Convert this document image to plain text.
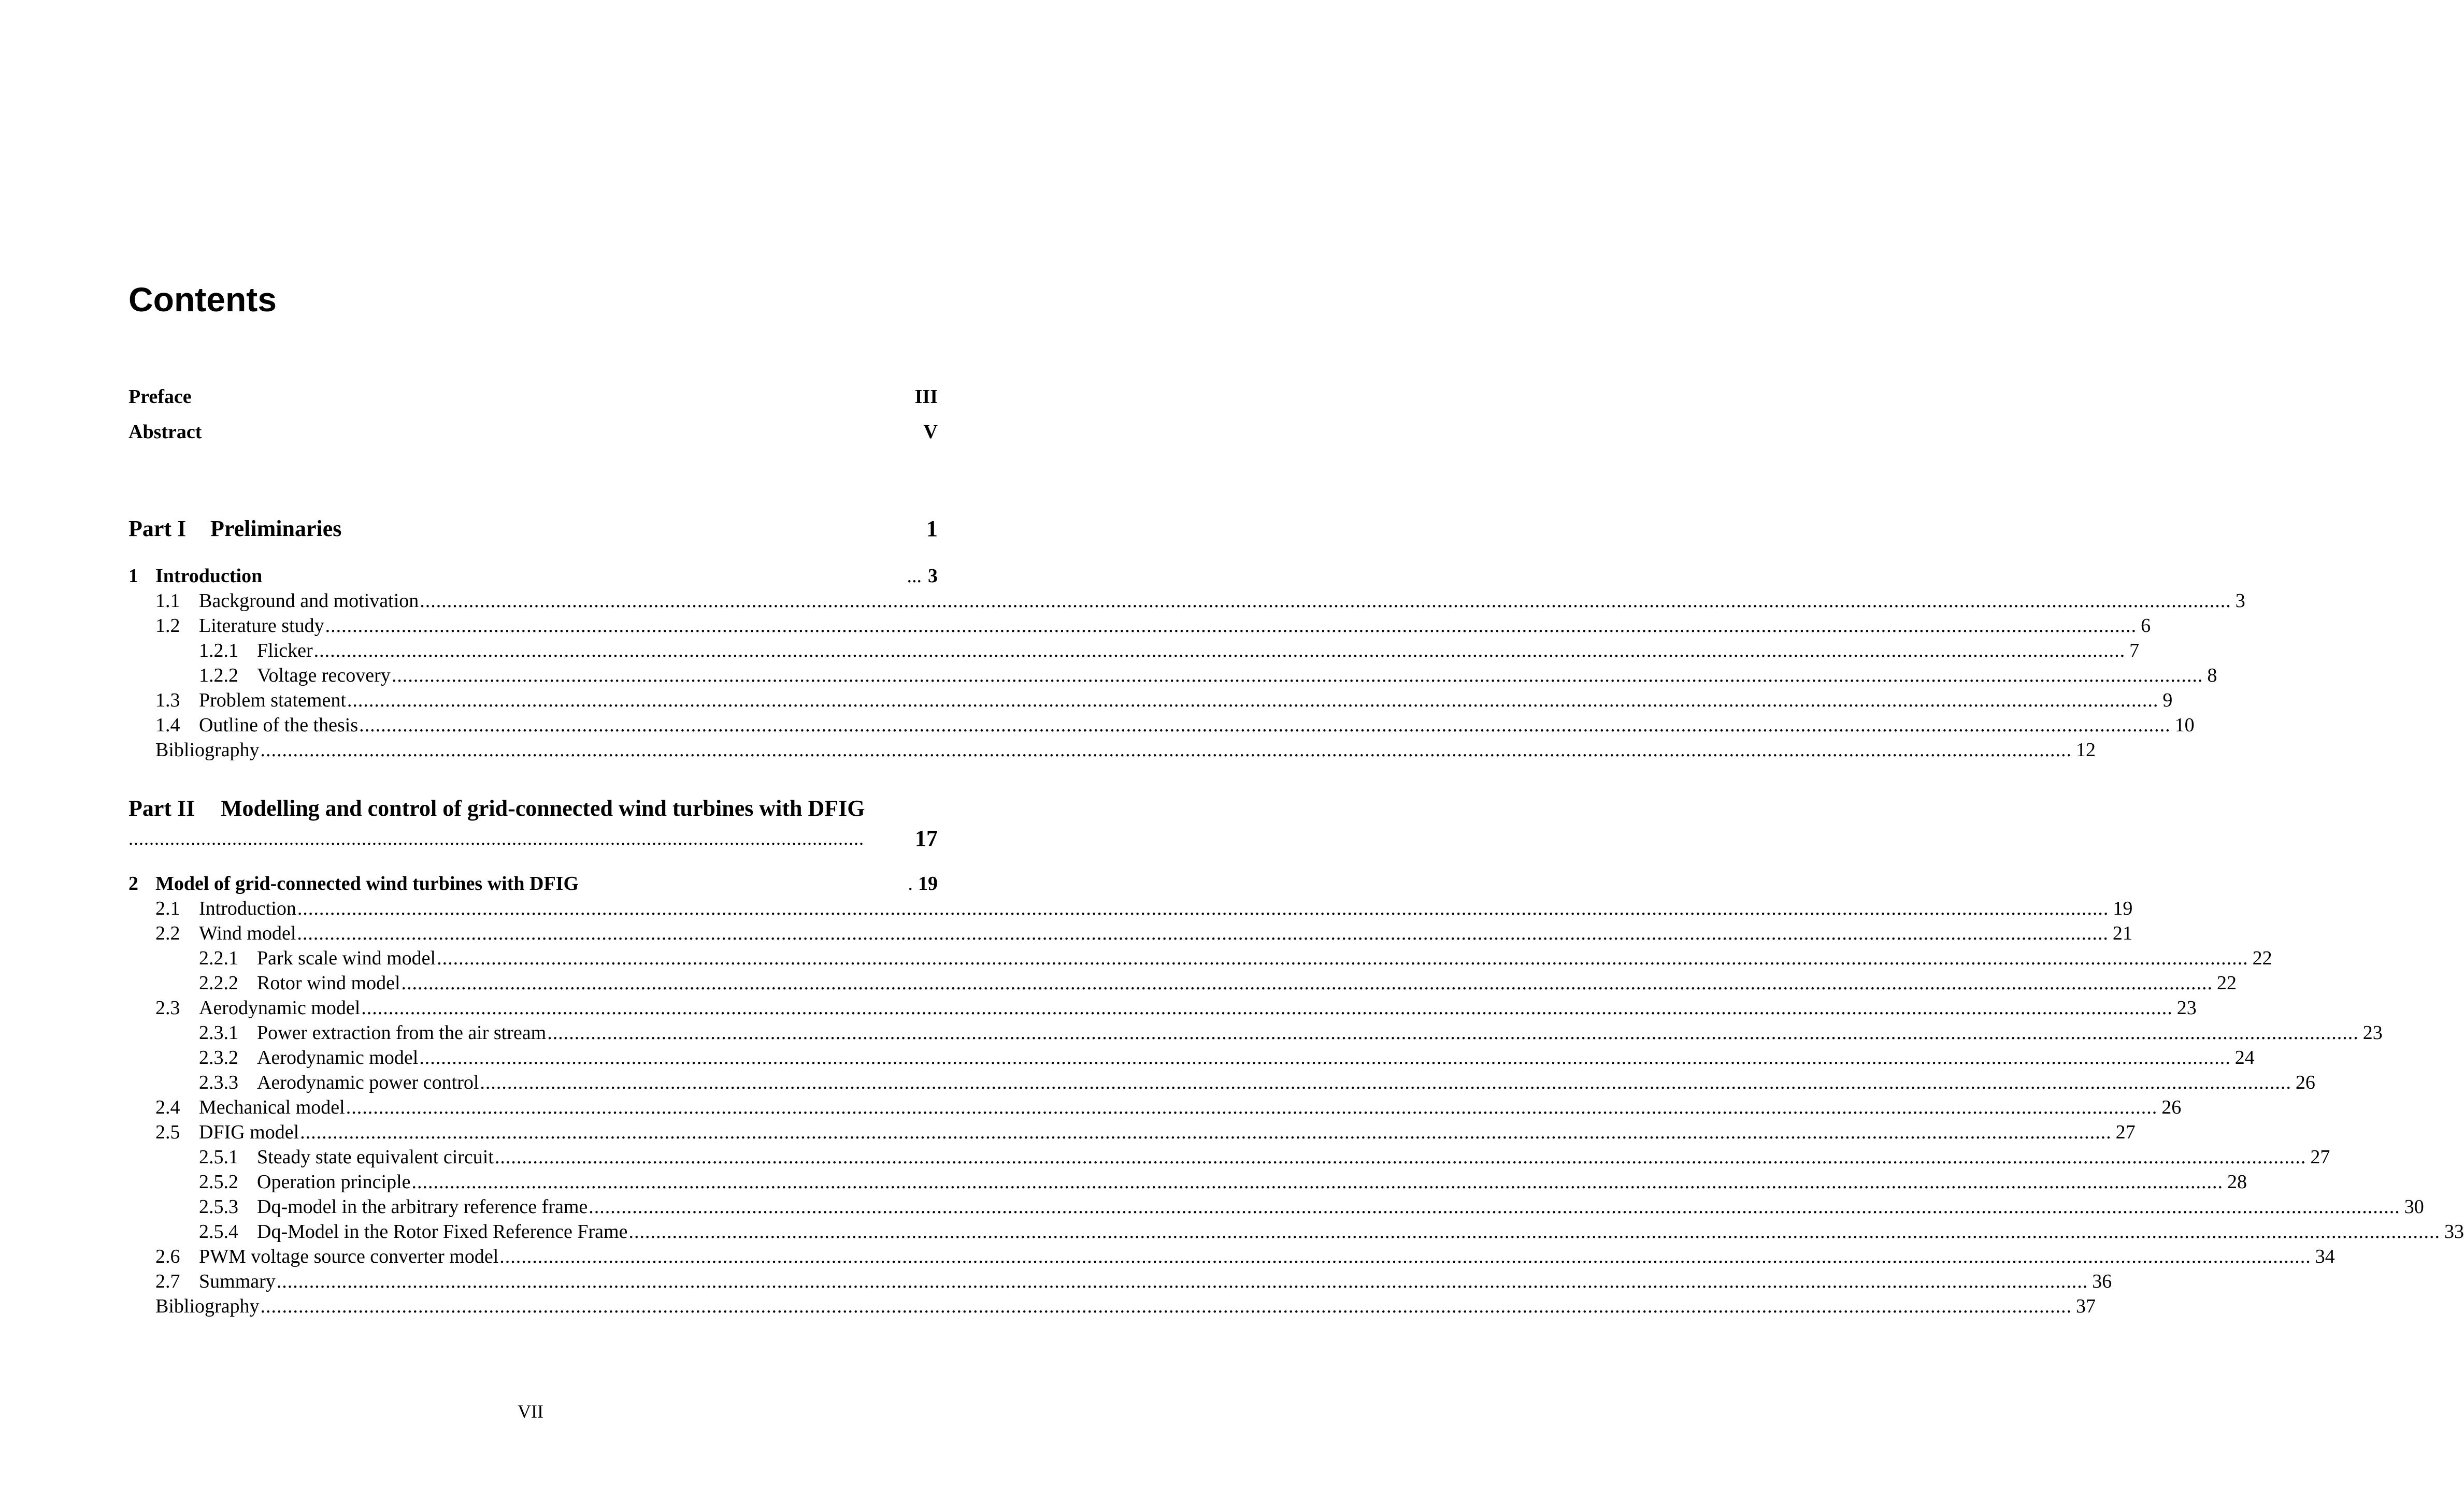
Contents
Preface	III
Abstract	V
Part I Preliminaries	1
1 Introduction	... 3
1.1 Background and motivation .....	3
1.2 Literature study .....	6
1.2.1 Flicker .....	7
1.2.2 Voltage recovery .....	8
1.3 Problem statement .....	9
1.4 Outline of the thesis .....	10
Bibliography .....	12
Part II Modelling and control of grid-connected wind turbines with DFIG
.............................................................................................................................................. 17
2 Model of grid-connected wind turbines with DFIG	. 19
2.1 Introduction .....	19
2.2 Wind model .....	21
2.2.1 Park scale wind model .....	22
2.2.2 Rotor wind model .....	22
2.3 Aerodynamic model .....	23
2.3.1 Power extraction from the air stream .....	23
2.3.2 Aerodynamic model .....	24
2.3.3 Aerodynamic power control .....	26
2.4 Mechanical model .....	26
2.5 DFIG model .....	27
2.5.1 Steady state equivalent circuit .....	27
2.5.2 Operation principle .....	28
2.5.3 Dq-model in the arbitrary reference frame .....	30
2.5.4 Dq-Model in the Rotor Fixed Reference Frame .....	33
2.6 PWM voltage source converter model .....	34
2.7 Summary .....	36
Bibliography .....	37
VII
